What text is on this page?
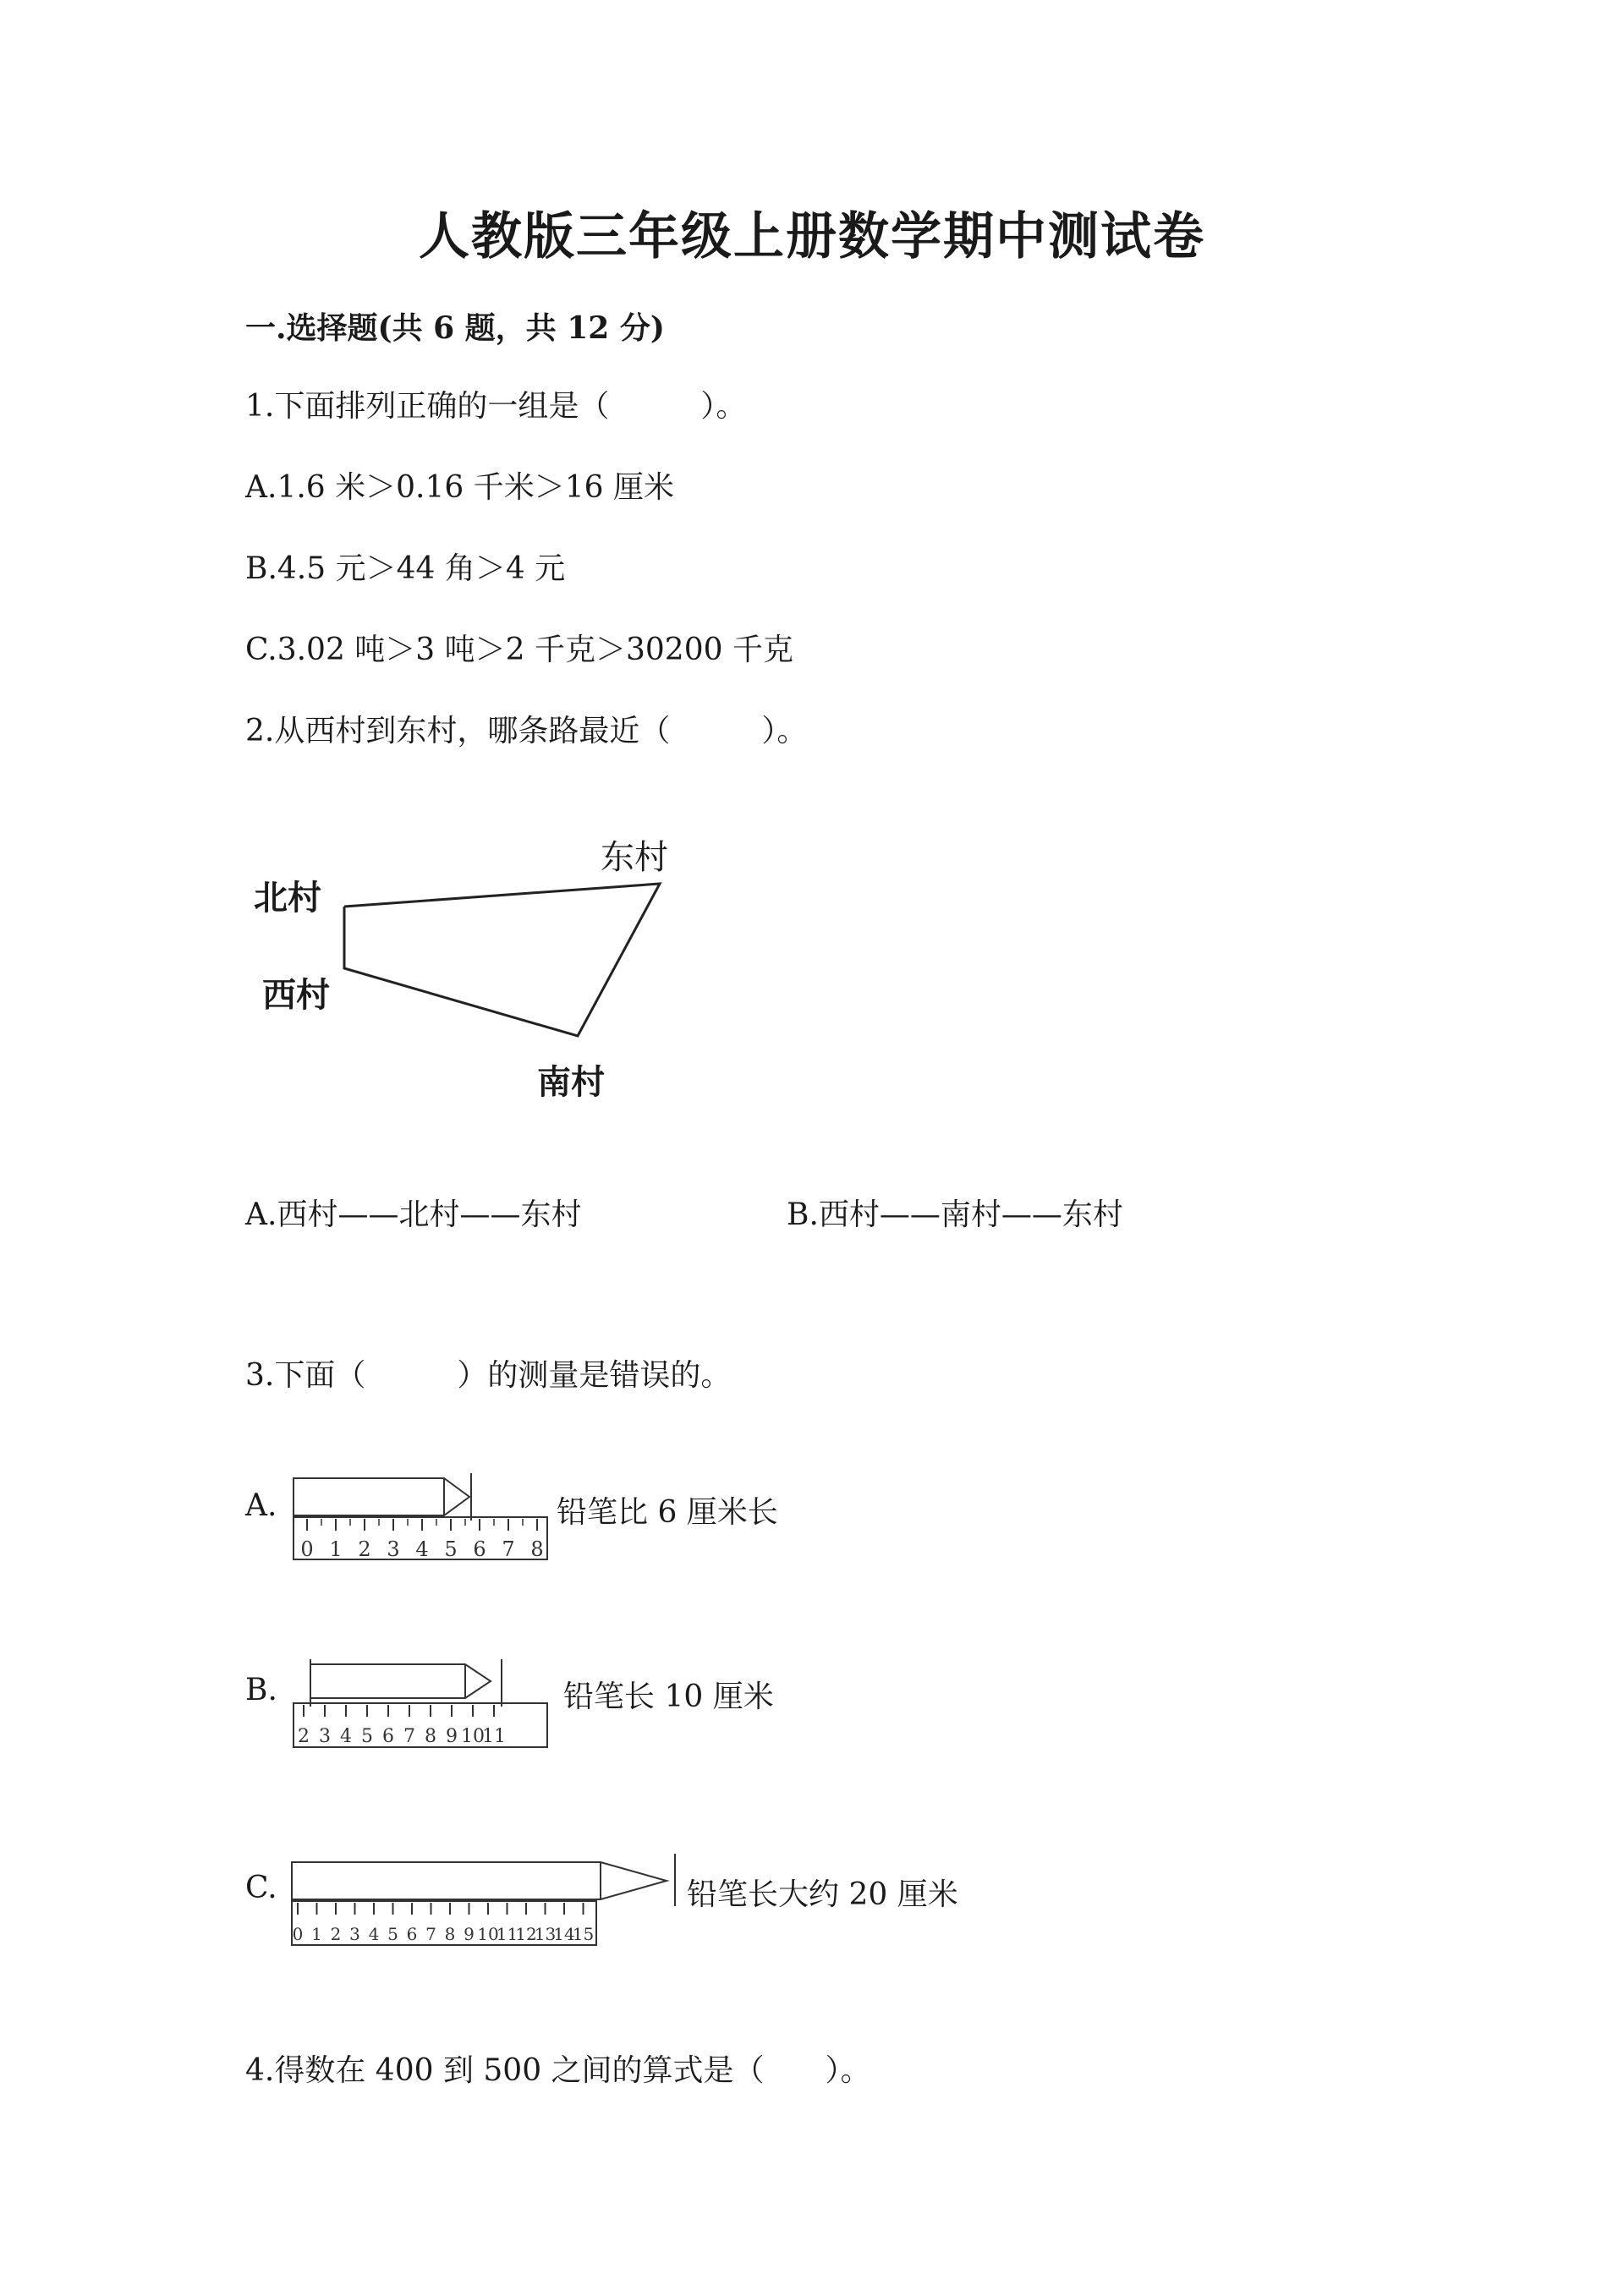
人教版三年级上册数学期中测试卷
一.选择题(共 6 题，共 12 分)
1.下面排列正确的一组是（　　　）。
A.1.6 米＞0.16 千米＞16 厘米
B.4.5 元＞44 角＞4 元
C.3.02 吨＞3 吨＞2 千克＞30200 千克
2.从西村到东村，哪条路最近（　　　）。
北村
东村
西村
南村
A.西村——北村——东村	B.西村——南村——东村
3.下面（　　　）的测量是错误的。
A.
0 1 2 3 4 5 6 7 8
铅笔比 6 厘米长
B.
2 3 4 5 6 7 8 9 10
11
铅笔长 10 厘米
C.
0 1 2 3 4 5 6 7 8 9 10
11
12
13
14
15
铅笔长大约 20 厘米
4.得数在 400 到 500 之间的算式是（　　）。
